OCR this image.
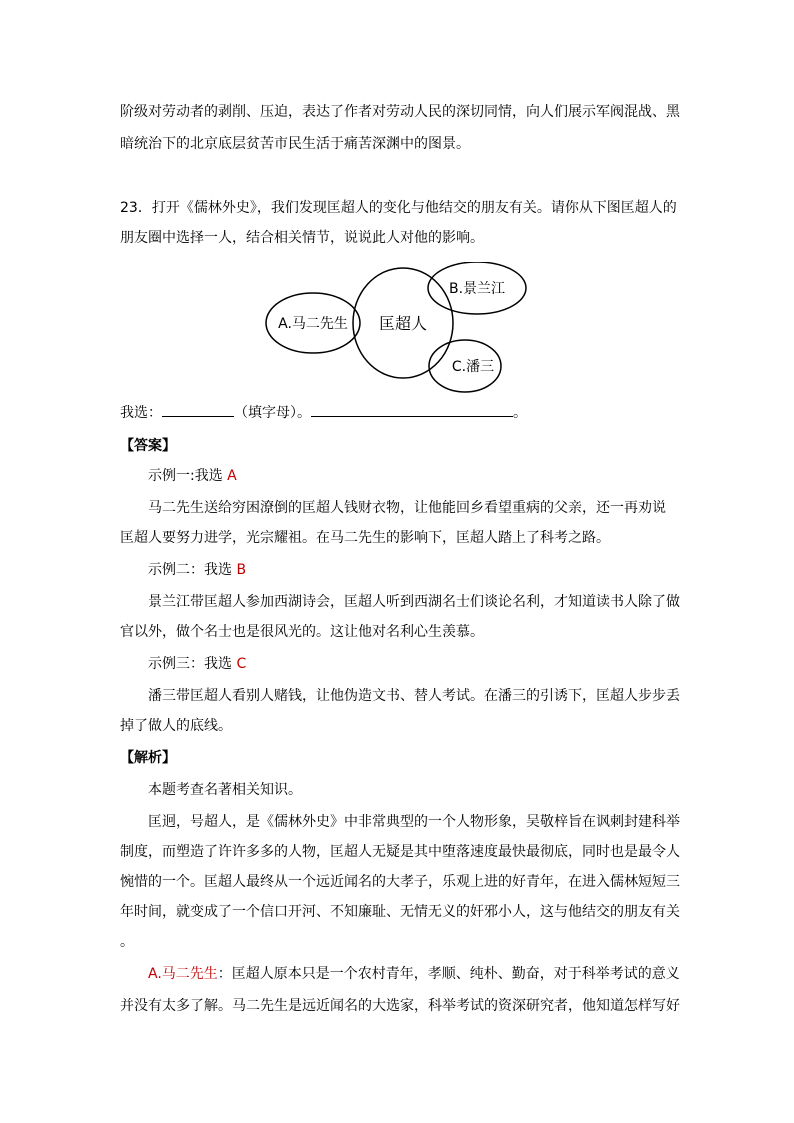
阶级对劳动者的剥削、压迫，表达了作者对劳动人民的深切同情，向人们展示军阀混战、黑
暗统治下的北京底层贫苦市民生活于痛苦深渊中的图景。
23．打开《儒林外史》，我们发现匡超人的变化与他结交的朋友有关。请你从下图匡超人的
朋友圈中选择一人，结合相关情节，说说此人对他的影响。
匡超人
A.马二先生
B.景兰江
C.潘三
我选：	（填字母）。	。
【答案】
示例一:我选 A
马二先生送给穷困潦倒的匡超人钱财衣物，让他能回乡看望重病的父亲，还一再劝说
匡超人要努力进学，光宗耀祖。在马二先生的影响下，匡超人踏上了科考之路。
示例二：我选 B
景兰江带匡超人参加西湖诗会，匡超人听到西湖名士们谈论名利，才知道读书人除了做
官以外，做个名士也是很风光的。这让他对名利心生羡慕。
示例三：我选 C
潘三带匡超人看别人赌钱，让他伪造文书、替人考试。在潘三的引诱下，匡超人步步丢
掉了做人的底线。
【解析】
本题考查名著相关知识。
匡迥，号超人，是《儒林外史》中非常典型的一个人物形象，吴敬梓旨在讽刺封建科举
制度，而塑造了许许多多的人物，匡超人无疑是其中堕落速度最快最彻底，同时也是最令人
惋惜的一个。匡超人最终从一个远近闻名的大孝子，乐观上进的好青年，在进入儒林短短三
年时间，就变成了一个信口开河、不知廉耻、无情无义的奸邪小人，这与他结交的朋友有关
。
A.马二先生：匡超人原本只是一个农村青年，孝顺、纯朴、勤奋，对于科举考试的意义
并没有太多了解。马二先生是远近闻名的大选家，科举考试的资深研究者，他知道怎样写好
